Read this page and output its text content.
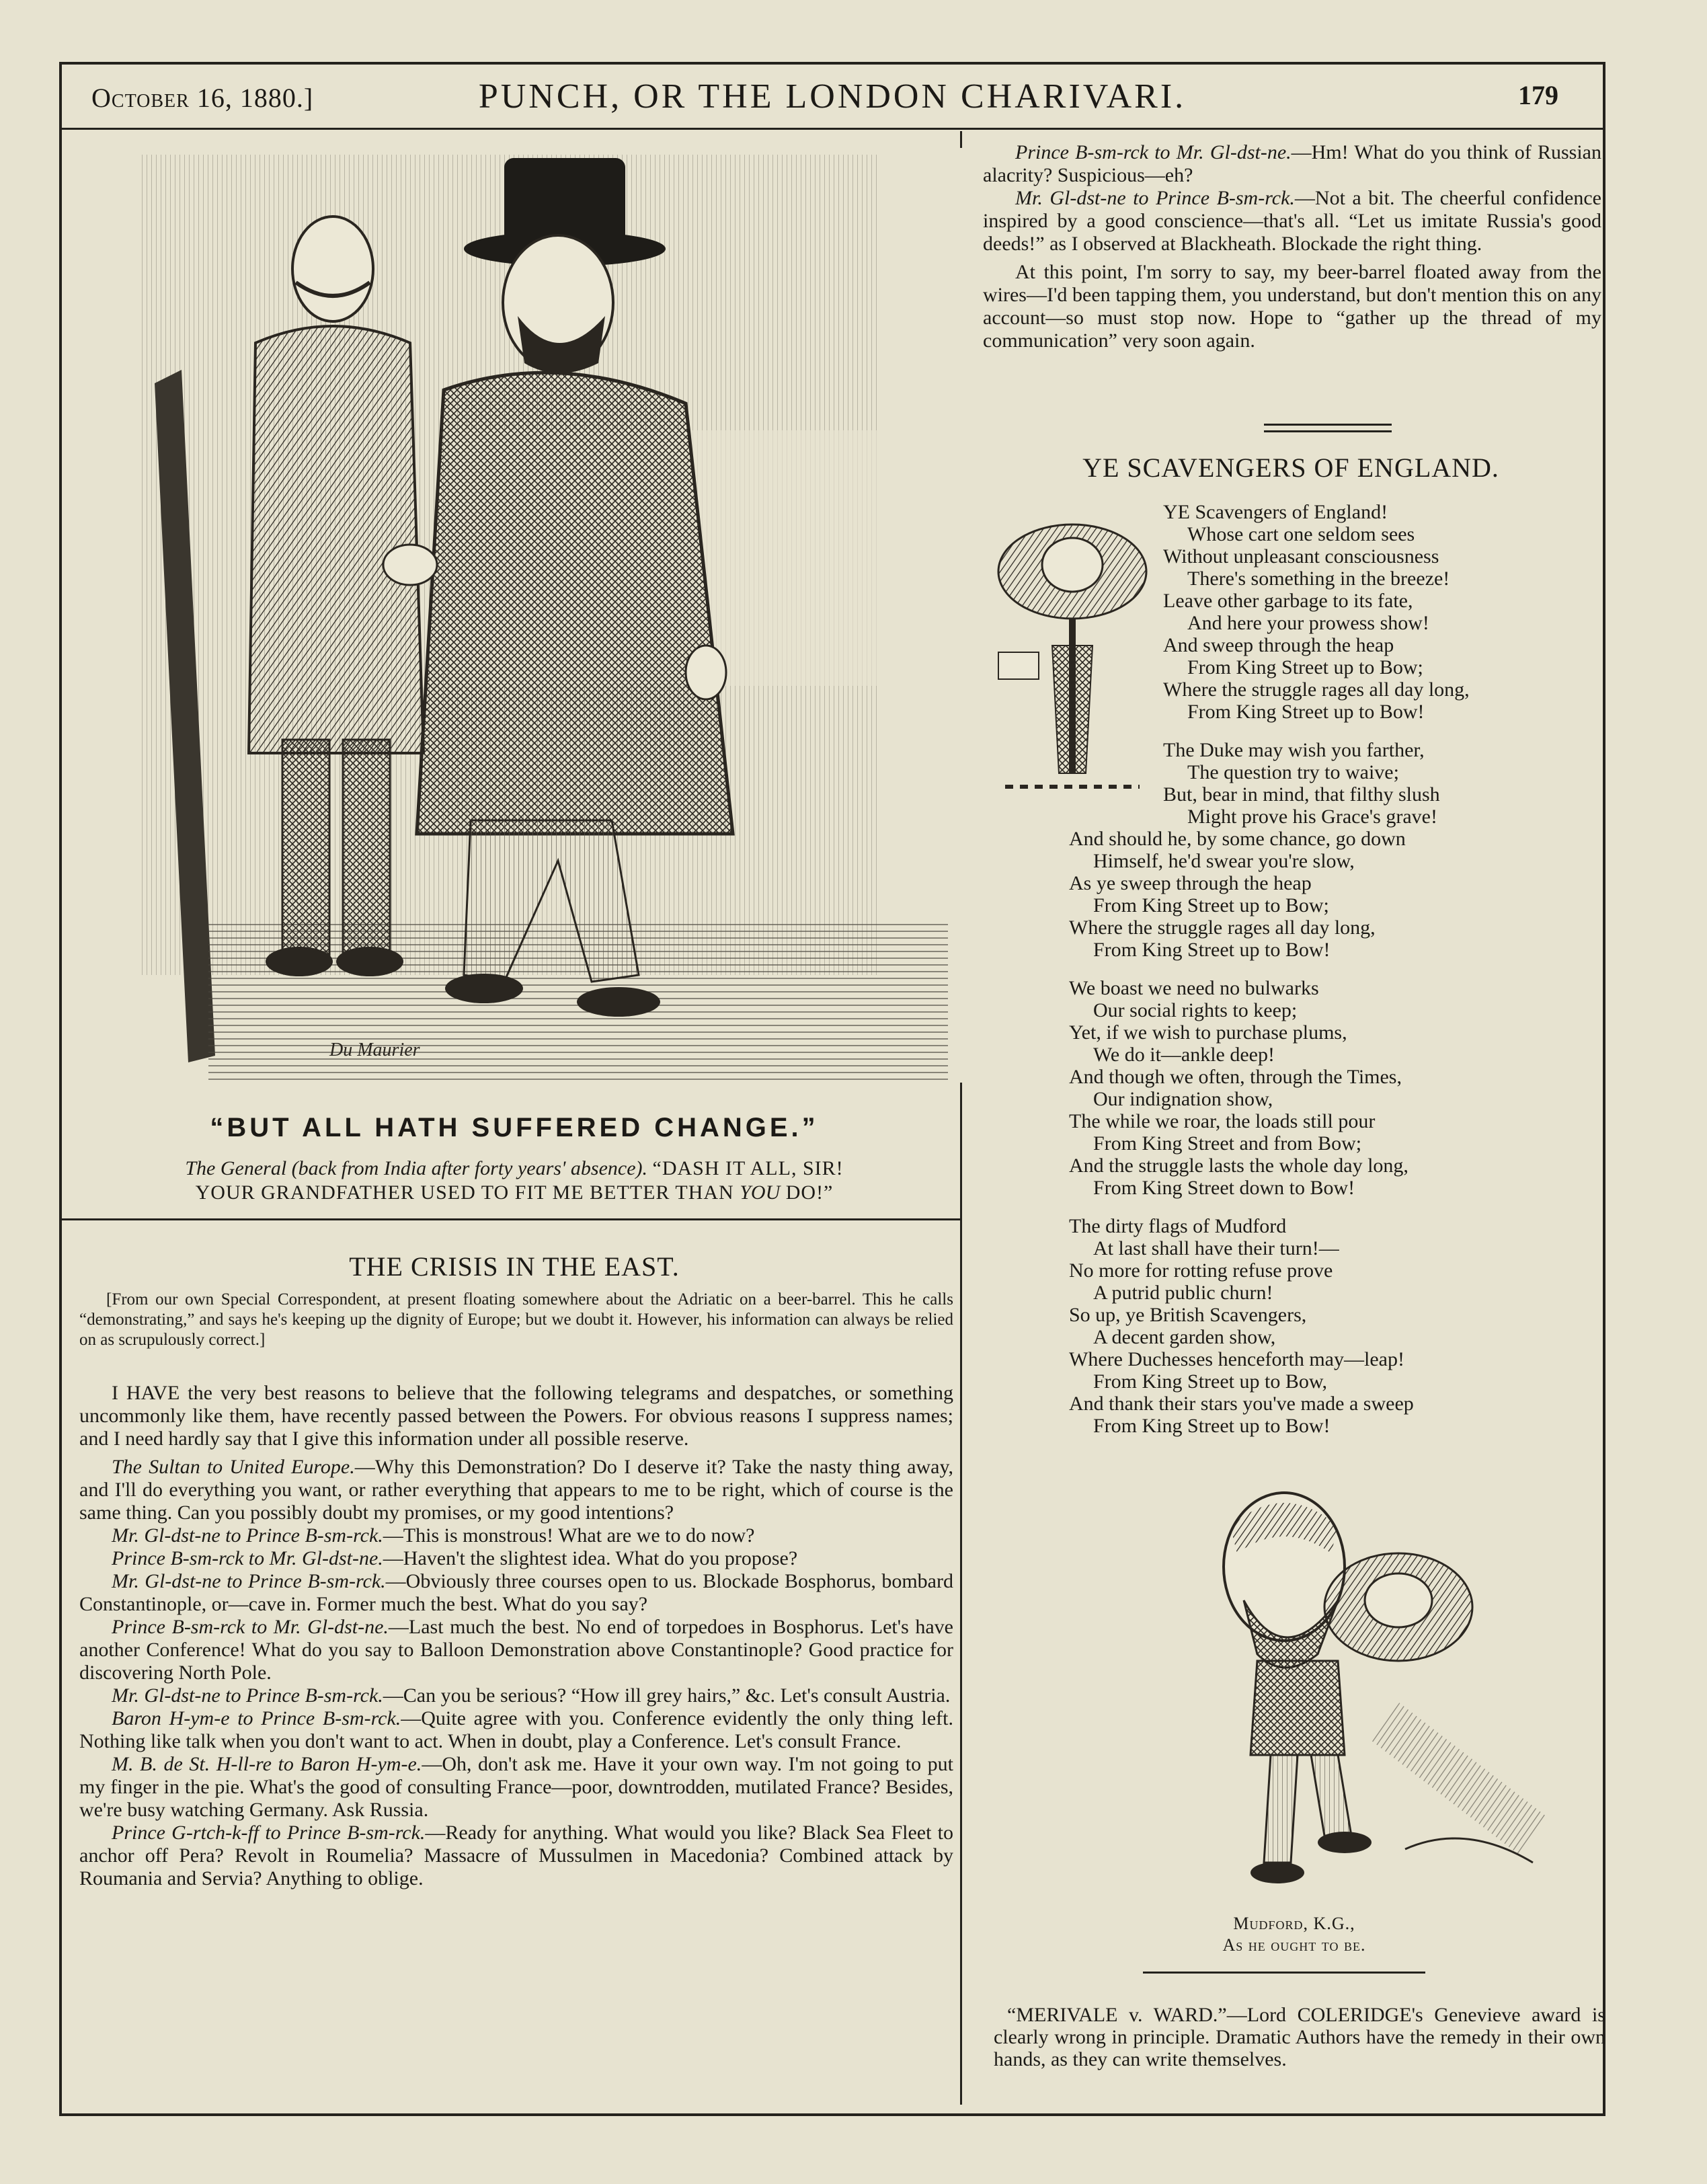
October 16, 1880.]	PUNCH, OR THE LONDON CHARIVARI.	179
Du Maurier
“BUT ALL HATH SUFFERED CHANGE.”
The General (back from India after forty years' absence). “DASH IT ALL, SIR!
YOUR GRANDFATHER USED TO FIT ME BETTER THAN YOU DO!”
THE CRISIS IN THE EAST.
[From our own Special Correspondent, at present floating somewhere about the Adriatic on a beer-barrel. This he calls “demonstrating,” and says he's keeping up the dignity of Europe; but we doubt it. However, his information can always be relied on as scrupulously correct.]

I HAVE the very best reasons to believe that the following telegrams and despatches, or something uncommonly like them, have recently passed between the Powers. For obvious reasons I suppress names; and I need hardly say that I give this information under all possible reserve.

The Sultan to United Europe.—Why this Demonstration? Do I deserve it? Take the nasty thing away, and I'll do everything you want, or rather everything that appears to me to be right, which of course is the same thing. Can you possibly doubt my promises, or my good intentions?

Mr. Gl-dst-ne to Prince B-sm-rck.—This is monstrous! What are we to do now?

Prince B-sm-rck to Mr. Gl-dst-ne.—Haven't the slightest idea. What do you propose?

Mr. Gl-dst-ne to Prince B-sm-rck.—Obviously three courses open to us. Blockade Bosphorus, bombard Constantinople, or—cave in. Former much the best. What do you say?

Prince B-sm-rck to Mr. Gl-dst-ne.—Last much the best. No end of torpedoes in Bosphorus. Let's have another Conference! What do you say to Balloon Demonstration above Constantinople? Good practice for discovering North Pole.

Mr. Gl-dst-ne to Prince B-sm-rck.—Can you be serious? “How ill grey hairs,” &c. Let's consult Austria.

Baron H-ym-e to Prince B-sm-rck.—Quite agree with you. Conference evidently the only thing left. Nothing like talk when you don't want to act. When in doubt, play a Conference. Let's consult France.

M. B. de St. H-ll-re to Baron H-ym-e.—Oh, don't ask me. Have it your own way. I'm not going to put my finger in the pie. What's the good of consulting France—poor, downtrodden, mutilated France? Besides, we're busy watching Germany. Ask Russia.

Prince G-rtch-k-ff to Prince B-sm-rck.—Ready for anything. What would you like? Black Sea Fleet to anchor off Pera? Revolt in Roumelia? Massacre of Mussulmen in Macedonia? Combined attack by Roumania and Servia? Anything to oblige.

Prince B-sm-rck to Mr. Gl-dst-ne.—Hm! What do you think of Russian alacrity? Suspicious—eh?

Mr. Gl-dst-ne to Prince B-sm-rck.—Not a bit. The cheerful confidence inspired by a good conscience—that's all. “Let us imitate Russia's good deeds!” as I observed at Blackheath. Blockade the right thing.

At this point, I'm sorry to say, my beer-barrel floated away from the wires—I'd been tapping them, you understand, but don't mention this on any account—so must stop now. Hope to “gather up the thread of my communication” very soon again.

YE SCAVENGERS OF ENGLAND.
YE Scavengers of England!
Whose cart one seldom sees
Without unpleasant consciousness
There's something in the breeze!
Leave other garbage to its fate,
And here your prowess show!
And sweep through the heap
From King Street up to Bow;
Where the struggle rages all day long,
From King Street up to Bow!
The Duke may wish you farther,
The question try to waive;
But, bear in mind, that filthy slush
Might prove his Grace's grave!
And should he, by some chance, go down
Himself, he'd swear you're slow,
As ye sweep through the heap
From King Street up to Bow;
Where the struggle rages all day long,
From King Street up to Bow!
We boast we need no bulwarks
Our social rights to keep;
Yet, if we wish to purchase plums,
We do it—ankle deep!
And though we often, through the Times,
Our indignation show,
The while we roar, the loads still pour
From King Street and from Bow;
And the struggle lasts the whole day long,
From King Street down to Bow!
The dirty flags of Mudford
At last shall have their turn!—
No more for rotting refuse prove
A putrid public churn!
So up, ye British Scavengers,
A decent garden show,
Where Duchesses henceforth may—leap!
From King Street up to Bow,
And thank their stars you've made a sweep
From King Street up to Bow!
Mudford, K.G.,
As he ought to be.
“MERIVALE v. WARD.”—Lord COLERIDGE's Genevieve award is clearly wrong in principle. Dramatic Authors have the remedy in their own hands, as they can write themselves.
